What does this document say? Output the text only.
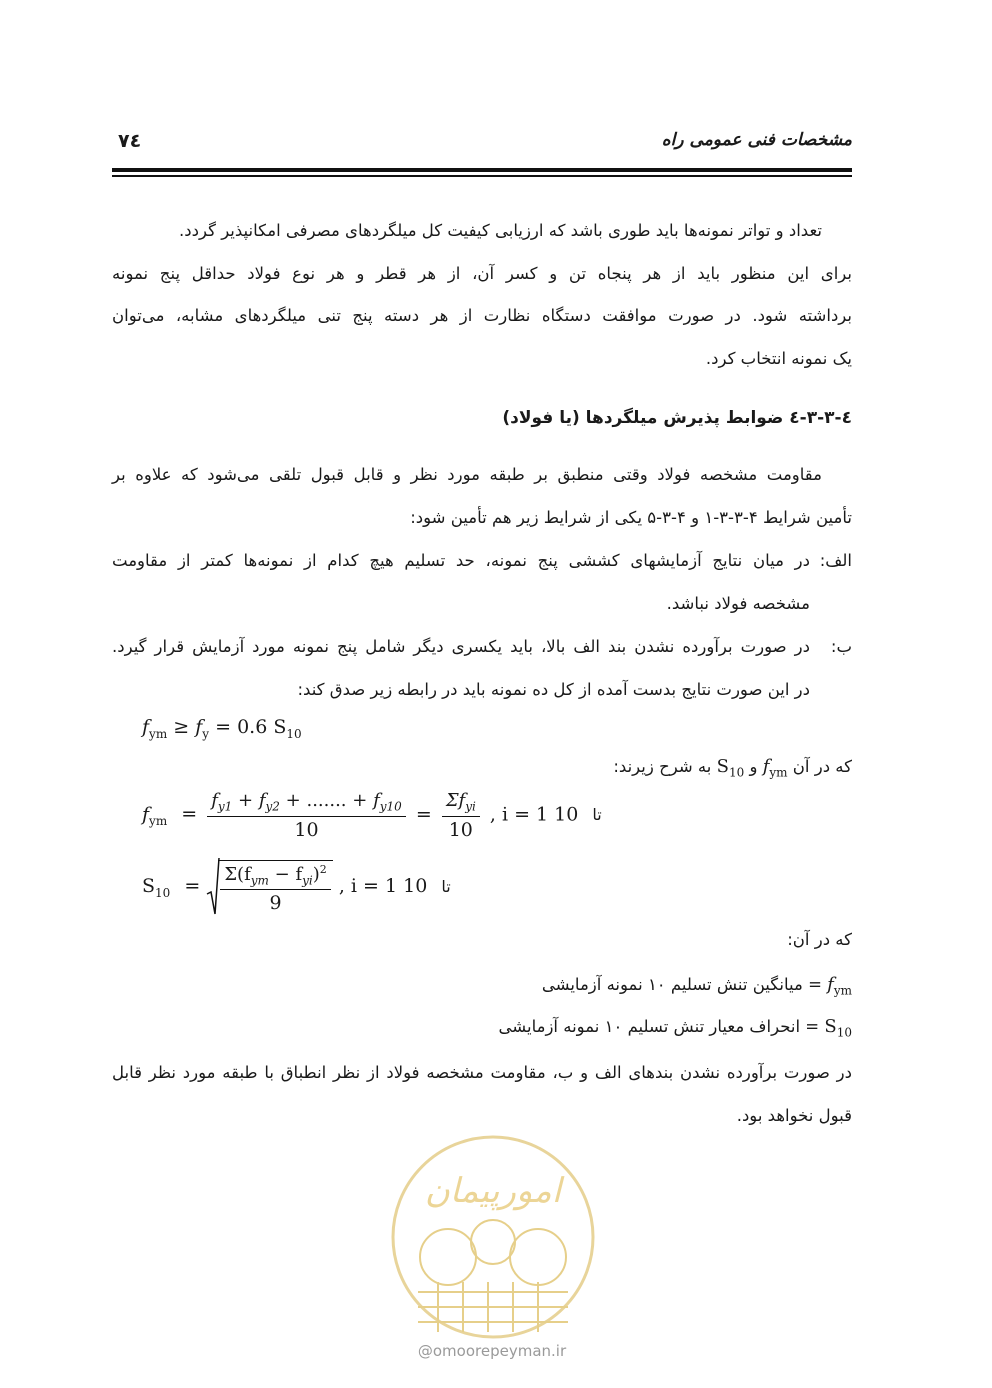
۷٤	مشخصات فنی عمومی راه
تعداد و تواتر نمونه‌ها باید طوری باشد که ارزیابی کیفیت کل میلگردهای مصرفی امکانپذیر گردد.
برای این منظور باید از هر پنجاه تن و کسر آن، از هر قطر و هر نوع فولاد حداقل پنج نمونه
برداشته شود. در صورت موافقت دستگاه نظارت از هر دسته پنج تنی میلگردهای مشابه، می‌توان
یک نمونه انتخاب کرد.
٤-۳-۳-٤ ضوابط پذیرش میلگردها (یا فولاد)
مقاومت مشخصه فولاد وقتی منطبق بر طبقه مورد نظر و قابل قبول تلقی می‌شود که علاوه بر
تأمین شرایط ۴-۳-۳-۱ و ۴-۳-۵ یکی از شرایط زیر هم تأمین شود:
الف:
در میان نتایج آزمایشهای کششی پنج نمونه، حد تسلیم هیچ کدام از نمونه‌ها کمتر از مقاومت
مشخصه فولاد نباشد.
ب:
در صورت برآورده نشدن بند الف بالا، باید یکسری دیگر شامل پنج نمونه مورد آزمایش قرار گیرد.
در این صورت نتایج بدست آمده از کل ده نمونه باید در رابطه زیر صدق کند:
$f_{ym} \ge f_y = 0.6$ $S_{10}$
که در آن $f_{ym}$ و $S_{10}$ به شرح زیرند:
$f_{ym} = \frac{f_{y1} + f_{y2} + ....... + f_{y10}}{10} = \frac{\Sigma f_{yi}}{10}$ , i = 1	تا 10
$S_{10} = \frac{\Sigma(f_{ym} - f_{yi})^2}{9}$ , i = 1	تا 10
که در آن:
$f_{ym}$ = میانگین تنش تسلیم ۱۰ نمونه آزمایشی
$S_{10}$ = انحراف معیار تنش تسلیم ۱۰ نمونه آزمایشی
در صورت برآورده نشدن بندهای الف و ب، مقاومت مشخصه فولاد از نظر انطباق با طبقه مورد نظر قابل
قبول نخواهد بود.
امورپیمان
@omoorepeyman.ir
